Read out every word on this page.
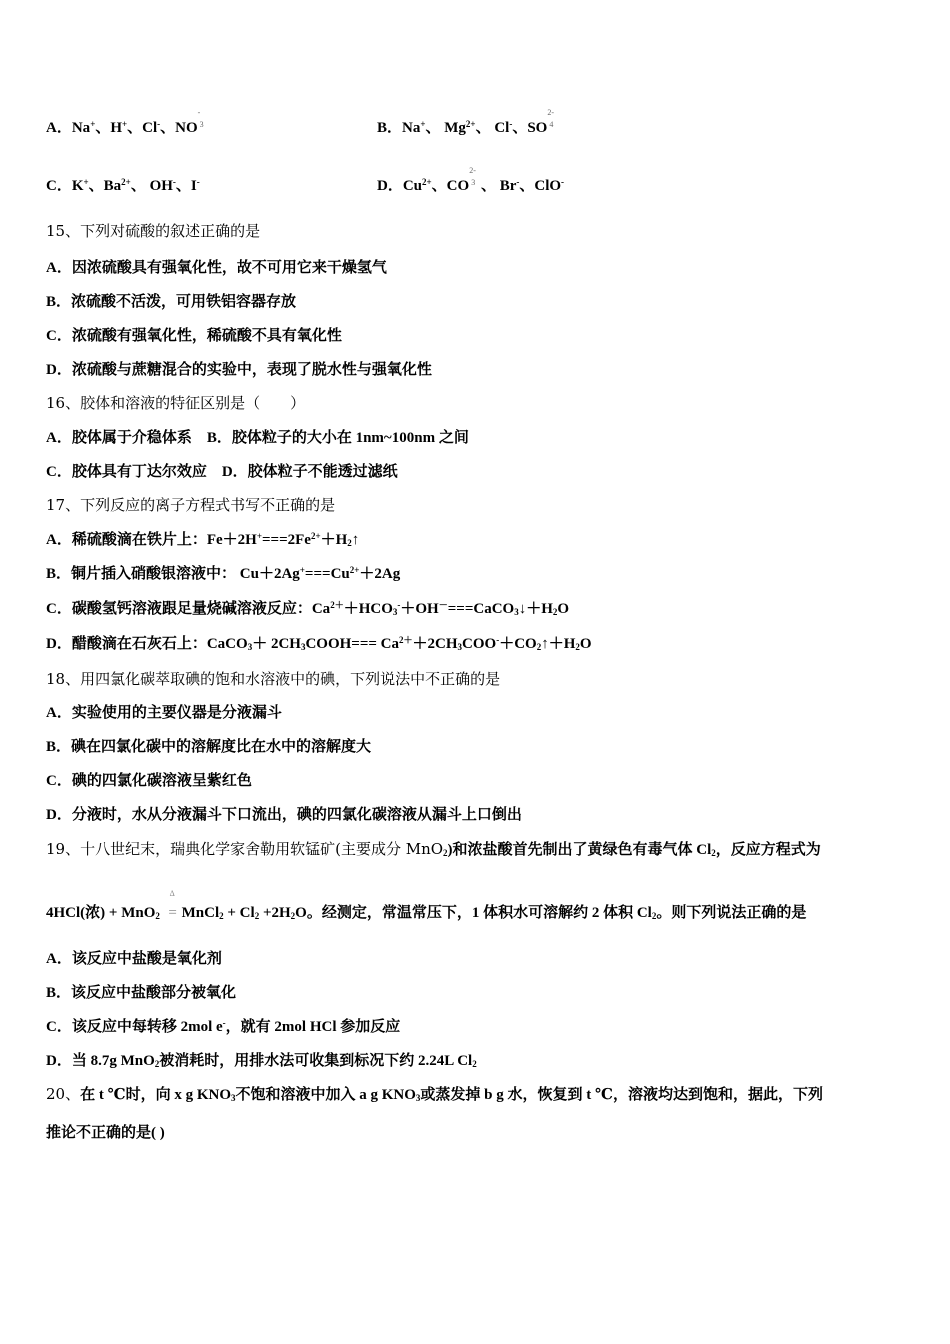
A．Na+、H+、Cl-、NO
-
3	B．Na+、 $Mg^{2+}$、 Cl-、SO
2-
4
C．K+、$Ba^{2+}$、 OH-、I-	D．$Cu^{2+}$、CO
2-
3 、 Br-、ClO-
15、下列对硫酸的叙述正确的是
A．因浓硫酸具有强氧化性，故不可用它来干燥氢气
B．浓硫酸不活泼，可用铁铝容器存放
C．浓硫酸有强氧化性，稀硫酸不具有氧化性
D．浓硫酸与蔗糖混合的实验中，表现了脱水性与强氧化性
16、胶体和溶液的特征区别是（　　）
A．胶体属于介稳体系　B．胶体粒子的大小在 1nm~100nm 之间
C．胶体具有丁达尔效应　D．胶体粒子不能透过滤纸
17、下列反应的离子方程式书写不正确的是
A．稀硫酸滴在铁片上：$Fe+2H^+===2Fe^{2+}+H_2↑$
B．铜片插入硝酸银溶液中： $Cu+2Ag^+===Cu^{2+}+2Ag$
C．碳酸氢钙溶液跟足量烧碱溶液反应：$Ca^{2+}+HCO_3^-+OH^-===CaCO_3↓+H_2O$
D．醋酸滴在石灰石上：CaCO$_3$＋ $2CH_3COOH===$ $Ca^{2+}+2CH_3COO^-+CO_2↑+H_2O$
18、用四氯化碳萃取碘的饱和水溶液中的碘，下列说法中不正确的是
A．实验使用的主要仪器是分液漏斗
B．碘在四氯化碳中的溶解度比在水中的溶解度大
C．碘的四氯化碳溶液呈紫红色
D．分液时，水从分液漏斗下口流出，碘的四氯化碳溶液从漏斗上口倒出
19、十八世纪末，瑞典化学家舍勒用软锰矿(主要成分 MnO$_2$)和浓盐酸首先制出了黄绿色有毒气体 $Cl_2$，反应方程式为
4HCl(浓) + MnO$_2$
Δ
= MnCl$_2$ + $Cl_2 +2H_2O$。经测定，常温常压下，1 体积水可溶解约 2 体积 $Cl_2$。则下列说法正确的是
A．该反应中盐酸是氧化剂
B．该反应中盐酸部分被氧化
C．该反应中每转移 2mol e-，就有 2mol HCl 参加反应
D．当 8.7g MnO$_2$被消耗时，用排水法可收集到标况下约 2.24L $Cl_2$
20、在 t ℃时，向 x g $KNO_3$不饱和溶液中加入 a g $KNO_3$或蒸发掉 b g 水，恢复到 t ℃，溶液均达到饱和，据此，下列
推论不正确的是( )
